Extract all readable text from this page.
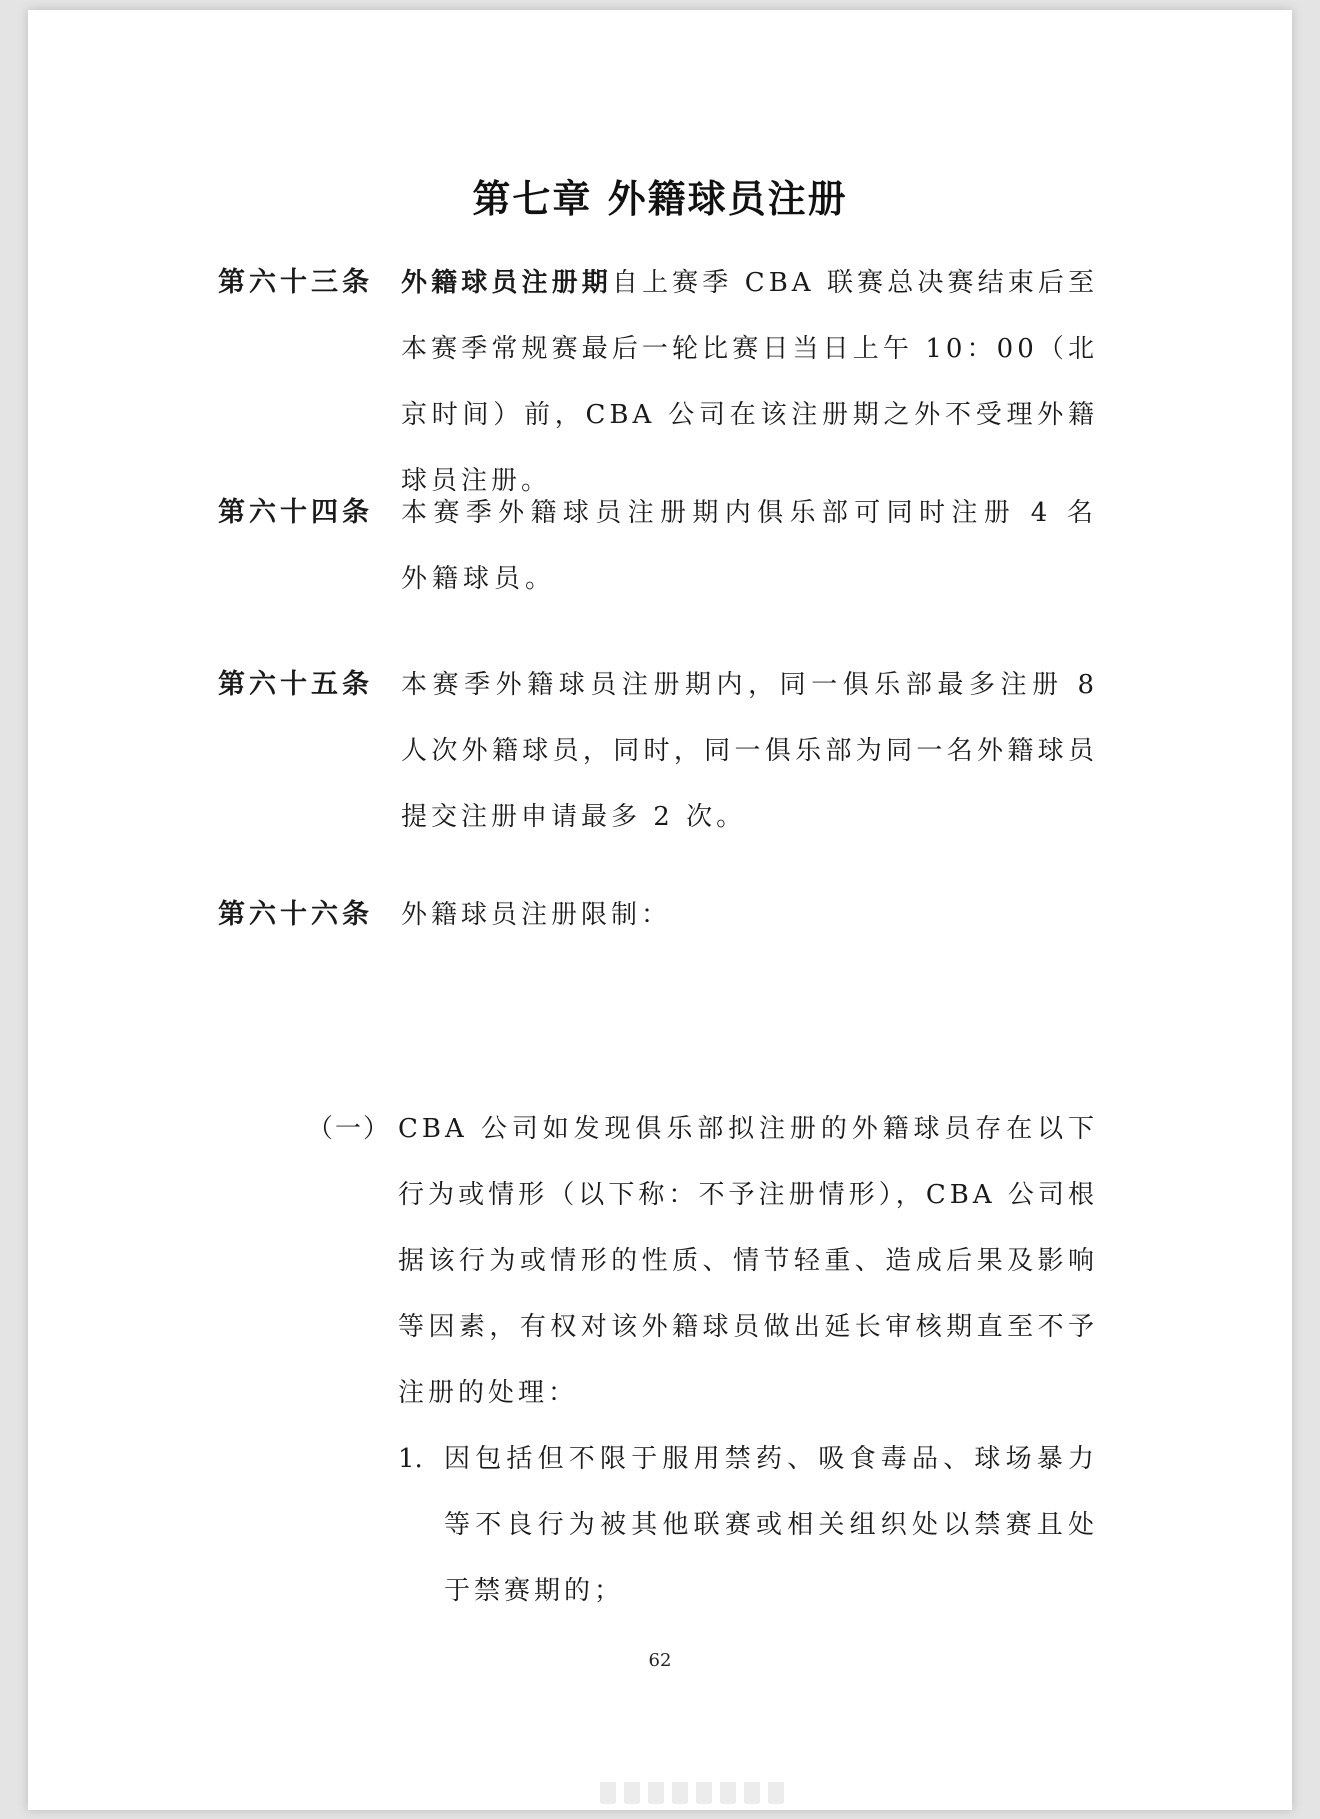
第七章 外籍球员注册
第六十三条 外籍球员注册期自上赛季 CBA 联赛总决赛结束后至本赛季常规赛最后一轮比赛日当日上午 10：00（北京时间）前，CBA 公司在该注册期之外不受理外籍球员注册。
第六十四条 本赛季外籍球员注册期内俱乐部可同时注册 4 名外籍球员。
第六十五条 本赛季外籍球员注册期内，同一俱乐部最多注册 8 人次外籍球员，同时，同一俱乐部为同一名外籍球员提交注册申请最多 2 次。
第六十六条 外籍球员注册限制：
（一） CBA 公司如发现俱乐部拟注册的外籍球员存在以下行为或情形（以下称：不予注册情形），CBA 公司根据该行为或情形的性质、情节轻重、造成后果及影响等因素，有权对该外籍球员做出延长审核期直至不予注册的处理：
1. 因包括但不限于服用禁药、吸食毒品、球场暴力等不良行为被其他联赛或相关组织处以禁赛且处于禁赛期的；
62
